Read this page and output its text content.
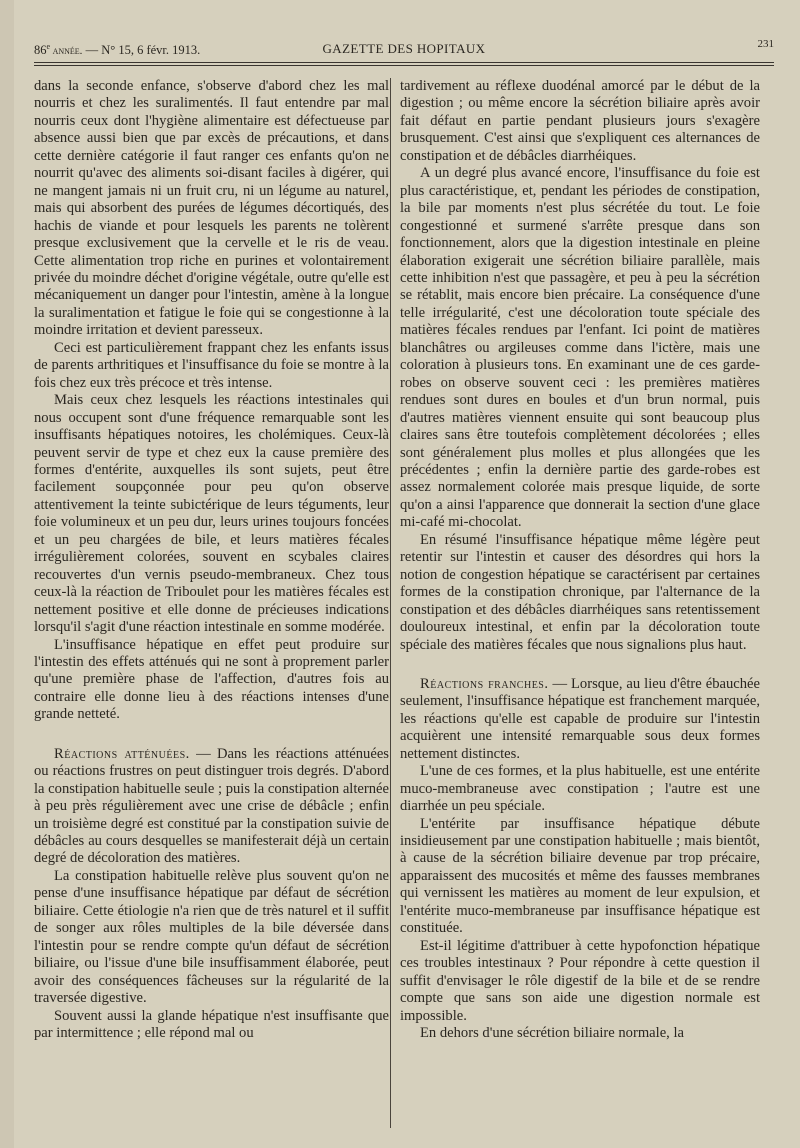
86e  année. — N° 15, 6 févr. 1913.	GAZETTE DES HOPITAUX	231

dans la seconde enfance, s'observe d'abord chez les mal nourris et chez les suralimentés. Il faut entendre par mal nourris ceux dont l'hygiène alimentaire est défectueuse par absence aussi bien que par excès de précautions, et dans cette dernière catégorie il faut ranger ces enfants qu'on ne nourrit qu'avec des aliments soi-disant faciles à digérer, qui ne mangent jamais ni un fruit cru, ni un légume au naturel, mais qui absorbent des purées de légumes décortiqués, des hachis de viande et pour lesquels les parents ne tolèrent presque exclusivement que la cervelle et le ris de veau. Cette alimentation trop riche en purines et volontairement privée du moindre déchet d'origine végétale, outre qu'elle est mécaniquement un danger pour l'intestin, amène à la longue la suralimentation et fatigue le foie qui se congestionne à la moindre irritation et devient paresseux.

Ceci est particulièrement frappant chez les enfants issus de parents arthritiques et l'insuffisance du foie se montre à la fois chez eux très précoce et très intense.

Mais ceux chez lesquels les réactions intestinales qui nous occupent sont d'une fréquence remarquable sont les insuffisants hépatiques notoires, les cholémiques. Ceux-là peuvent servir de type et chez eux la cause première des formes d'entérite, auxquelles ils sont sujets, peut être facilement soupçonnée pour peu qu'on observe attentivement la teinte subictérique de leurs téguments, leur foie volumineux et un peu dur, leurs urines toujours foncées et un peu chargées de bile, et leurs matières fécales irrégulièrement colorées, souvent en scybales claires recouvertes d'un vernis pseudo-membraneux. Chez tous ceux-là la réaction de Triboulet pour les matières fécales est nettement positive et elle donne de précieuses indications lorsqu'il s'agit d'une réaction intestinale en somme modérée.

L'insuffisance hépatique en effet peut produire sur l'intestin des effets atténués qui ne sont à proprement parler qu'une première phase de l'affection, d'autres fois au contraire elle donne lieu à des réactions intenses d'une grande netteté.

Réactions atténuées. — Dans les réactions atténuées ou réactions frustres on peut distinguer trois degrés. D'abord la constipation habituelle seule ; puis la constipation alternée à peu près régulièrement avec une crise de débâcle ; enfin un troisième degré est constitué par la constipation suivie de débâcles au cours desquelles se manifesterait déjà un certain degré de décoloration des matières.

La constipation habituelle relève plus souvent qu'on ne pense d'une insuffisance hépatique par défaut de sécrétion biliaire. Cette étiologie n'a rien que de très naturel et il suffit de songer aux rôles multiples de la bile déversée dans l'intestin pour se rendre compte qu'un défaut de sécrétion biliaire, ou l'issue d'une bile insuffisamment élaborée, peut avoir des conséquences fâcheuses sur la régularité de la traversée digestive.

Souvent aussi la glande hépatique n'est insuffisante que par intermittence ; elle répond mal ou

tardivement au réflexe duodénal amorcé par le début de la digestion ; ou même encore la sécrétion biliaire après avoir fait défaut en partie pendant plusieurs jours s'exagère brusquement. C'est ainsi que s'expliquent ces alternances de constipation et de débâcles diarrhéiques.

A un degré plus avancé encore, l'insuffisance du foie est plus caractéristique, et, pendant les périodes de constipation, la bile par moments n'est plus sécrétée du tout. Le foie congestionné et surmené s'arrête presque dans son fonctionnement, alors que la digestion intestinale en pleine élaboration exigerait une sécrétion biliaire parallèle, mais cette inhibition n'est que passagère, et peu à peu la sécrétion se rétablit, mais encore bien précaire. La conséquence d'une telle irrégularité, c'est une décoloration toute spéciale des matières fécales rendues par l'enfant. Ici point de matières blanchâtres ou argileuses comme dans l'ictère, mais une coloration à plusieurs tons. En examinant une de ces garde-robes on observe souvent ceci : les premières matières rendues sont dures en boules et d'un brun normal, puis d'autres matières viennent ensuite qui sont beaucoup plus claires sans être toutefois complètement décolorées ; elles sont généralement plus molles et plus allongées que les précédentes ; enfin la dernière partie des garde-robes est assez normalement colorée mais presque liquide, de sorte qu'on a ainsi l'apparence que donnerait la section d'une glace mi-café mi-chocolat.

En résumé l'insuffisance hépatique même légère peut retentir sur l'intestin et causer des désordres qui hors la notion de congestion hépatique se caractérisent par certaines formes de la constipation chronique, par l'alternance de la constipation et des débâcles diarrhéiques sans retentissement douloureux intestinal, et enfin par la décoloration toute spéciale des matières fécales que nous signalions plus haut.

Réactions franches. — Lorsque, au lieu d'être ébauchée seulement, l'insuffisance hépatique est franchement marquée, les réactions qu'elle est capable de produire sur l'intestin acquièrent une intensité remarquable sous deux formes nettement distinctes.

L'une de ces formes, et la plus habituelle, est une entérite muco-membraneuse avec constipation ; l'autre est une diarrhée un peu spéciale.

L'entérite par insuffisance hépatique débute insidieusement par une constipation habituelle ; mais bientôt, à cause de la sécrétion biliaire devenue par trop précaire, apparaissent des mucosités et même des fausses membranes qui vernissent les matières au moment de leur expulsion, et l'entérite muco-membraneuse par insuffisance hépatique est constituée.

Est-il légitime d'attribuer à cette hypofonction hépatique ces troubles intestinaux ? Pour répondre à cette question il suffit d'envisager le rôle digestif de la bile et de se rendre compte que sans son aide une digestion normale est impossible.

En dehors d'une sécrétion biliaire normale, la
